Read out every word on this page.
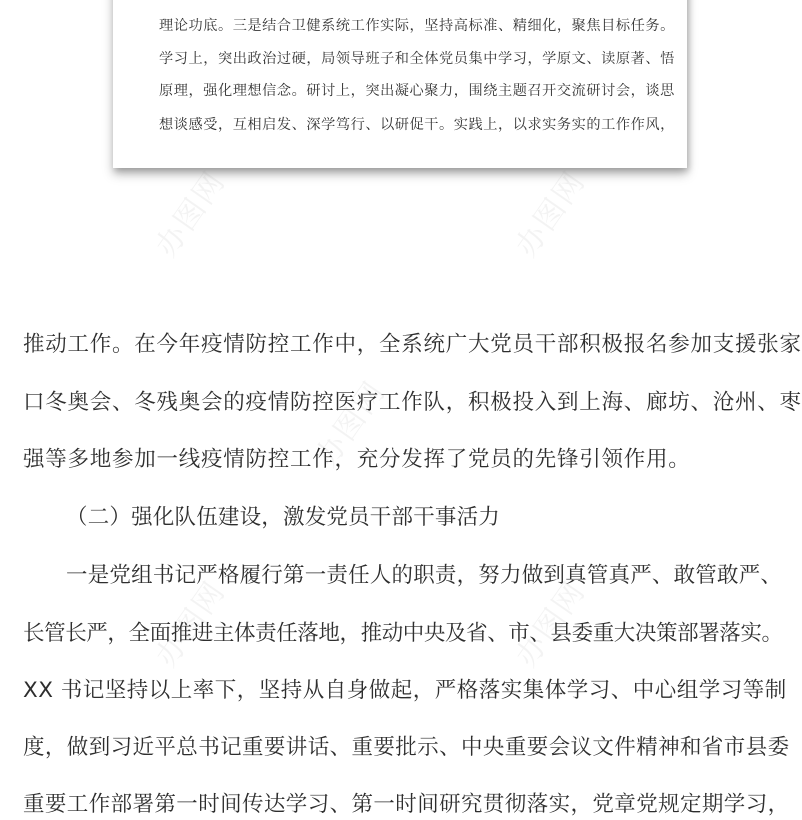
理论功底。三是结合卫健系统工作实际，坚持高标准、精细化，聚焦目标任务。
学习上，突出政治过硬，局领导班子和全体党员集中学习，学原文、读原著、悟
原理，强化理想信念。研讨上，突出凝心聚力，围绕主题召开交流研讨会，谈思
想谈感受，互相启发、深学笃行、以研促干。实践上，以求实务实的工作作风，
推动工作。在今年疫情防控工作中，全系统广大党员干部积极报名参加支援张家
口冬奥会、冬残奥会的疫情防控医疗工作队，积极投入到上海、廊坊、沧州、枣
强等多地参加一线疫情防控工作，充分发挥了党员的先锋引领作用。
（二）强化队伍建设，激发党员干部干事活力
一是党组书记严格履行第一责任人的职责，努力做到真管真严、敢管敢严、
长管长严，全面推进主体责任落地，推动中央及省、市、县委重大决策部署落实。
XX 书记坚持以上率下，坚持从自身做起，严格落实集体学习、中心组学习等制
度，做到习近平总书记重要讲话、重要批示、中央重要会议文件精神和省市县委
重要工作部署第一时间传达学习、第一时间研究贯彻落实，党章党规定期学习，
办图网	办图网
办图网
办图网	办图网
